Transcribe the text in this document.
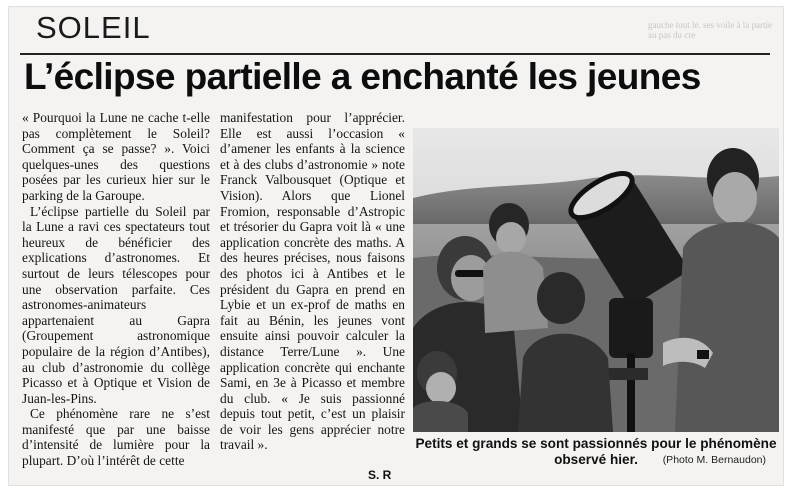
gauche tout le. ses voile à la partie au pas du cre
SOLEIL
L’éclipse partielle a enchanté les jeunes

« Pourquoi la Lune ne cache t-elle pas complètement le Soleil? Comment ça se passe? ». Voici quelques-unes des questions posées par les curieux hier sur le parking de la Garoupe.

L’éclipse partielle du Soleil par la Lune a ravi ces spectateurs tout heureux de bénéficier des explications d’astronomes. Et surtout de leurs télescopes pour une observation parfaite. Ces astronomes-animateurs appartenaient au Gapra (Groupement astronomique populaire de la région d’Antibes), au club d’astronomie du collège Picasso et à Optique et Vision de Juan-les-Pins.

Ce phénomène rare ne s’est manifesté que par une baisse d’intensité de lumière pour la plupart. D’où l’intérêt de cette

manifestation pour l’apprécier. Elle est aussi l’occasion « d’amener les enfants à la science et à des clubs d’astronomie » note Franck Valbousquet (Optique et Vision). Alors que Lionel Fromion, responsable d’Astropic et trésorier du Gapra voit là « une application concrète des maths. A des heures précises, nous faisons des photos ici à Antibes et le président du Gapra en prend en Lybie et un ex-prof de maths en fait au Bénin, les jeunes vont ensuite ainsi pouvoir calculer la distance Terre/Lune ». Une application concrète qui enchante Sami, en 3e à Picasso et membre du club. « Je suis passionné depuis tout petit, c’est un plaisir de voir les gens apprécier notre travail ».	Petits et grands se sont passionnés pour le phénomène observé hier.	(Photo M. Bernaudon)
S. R
